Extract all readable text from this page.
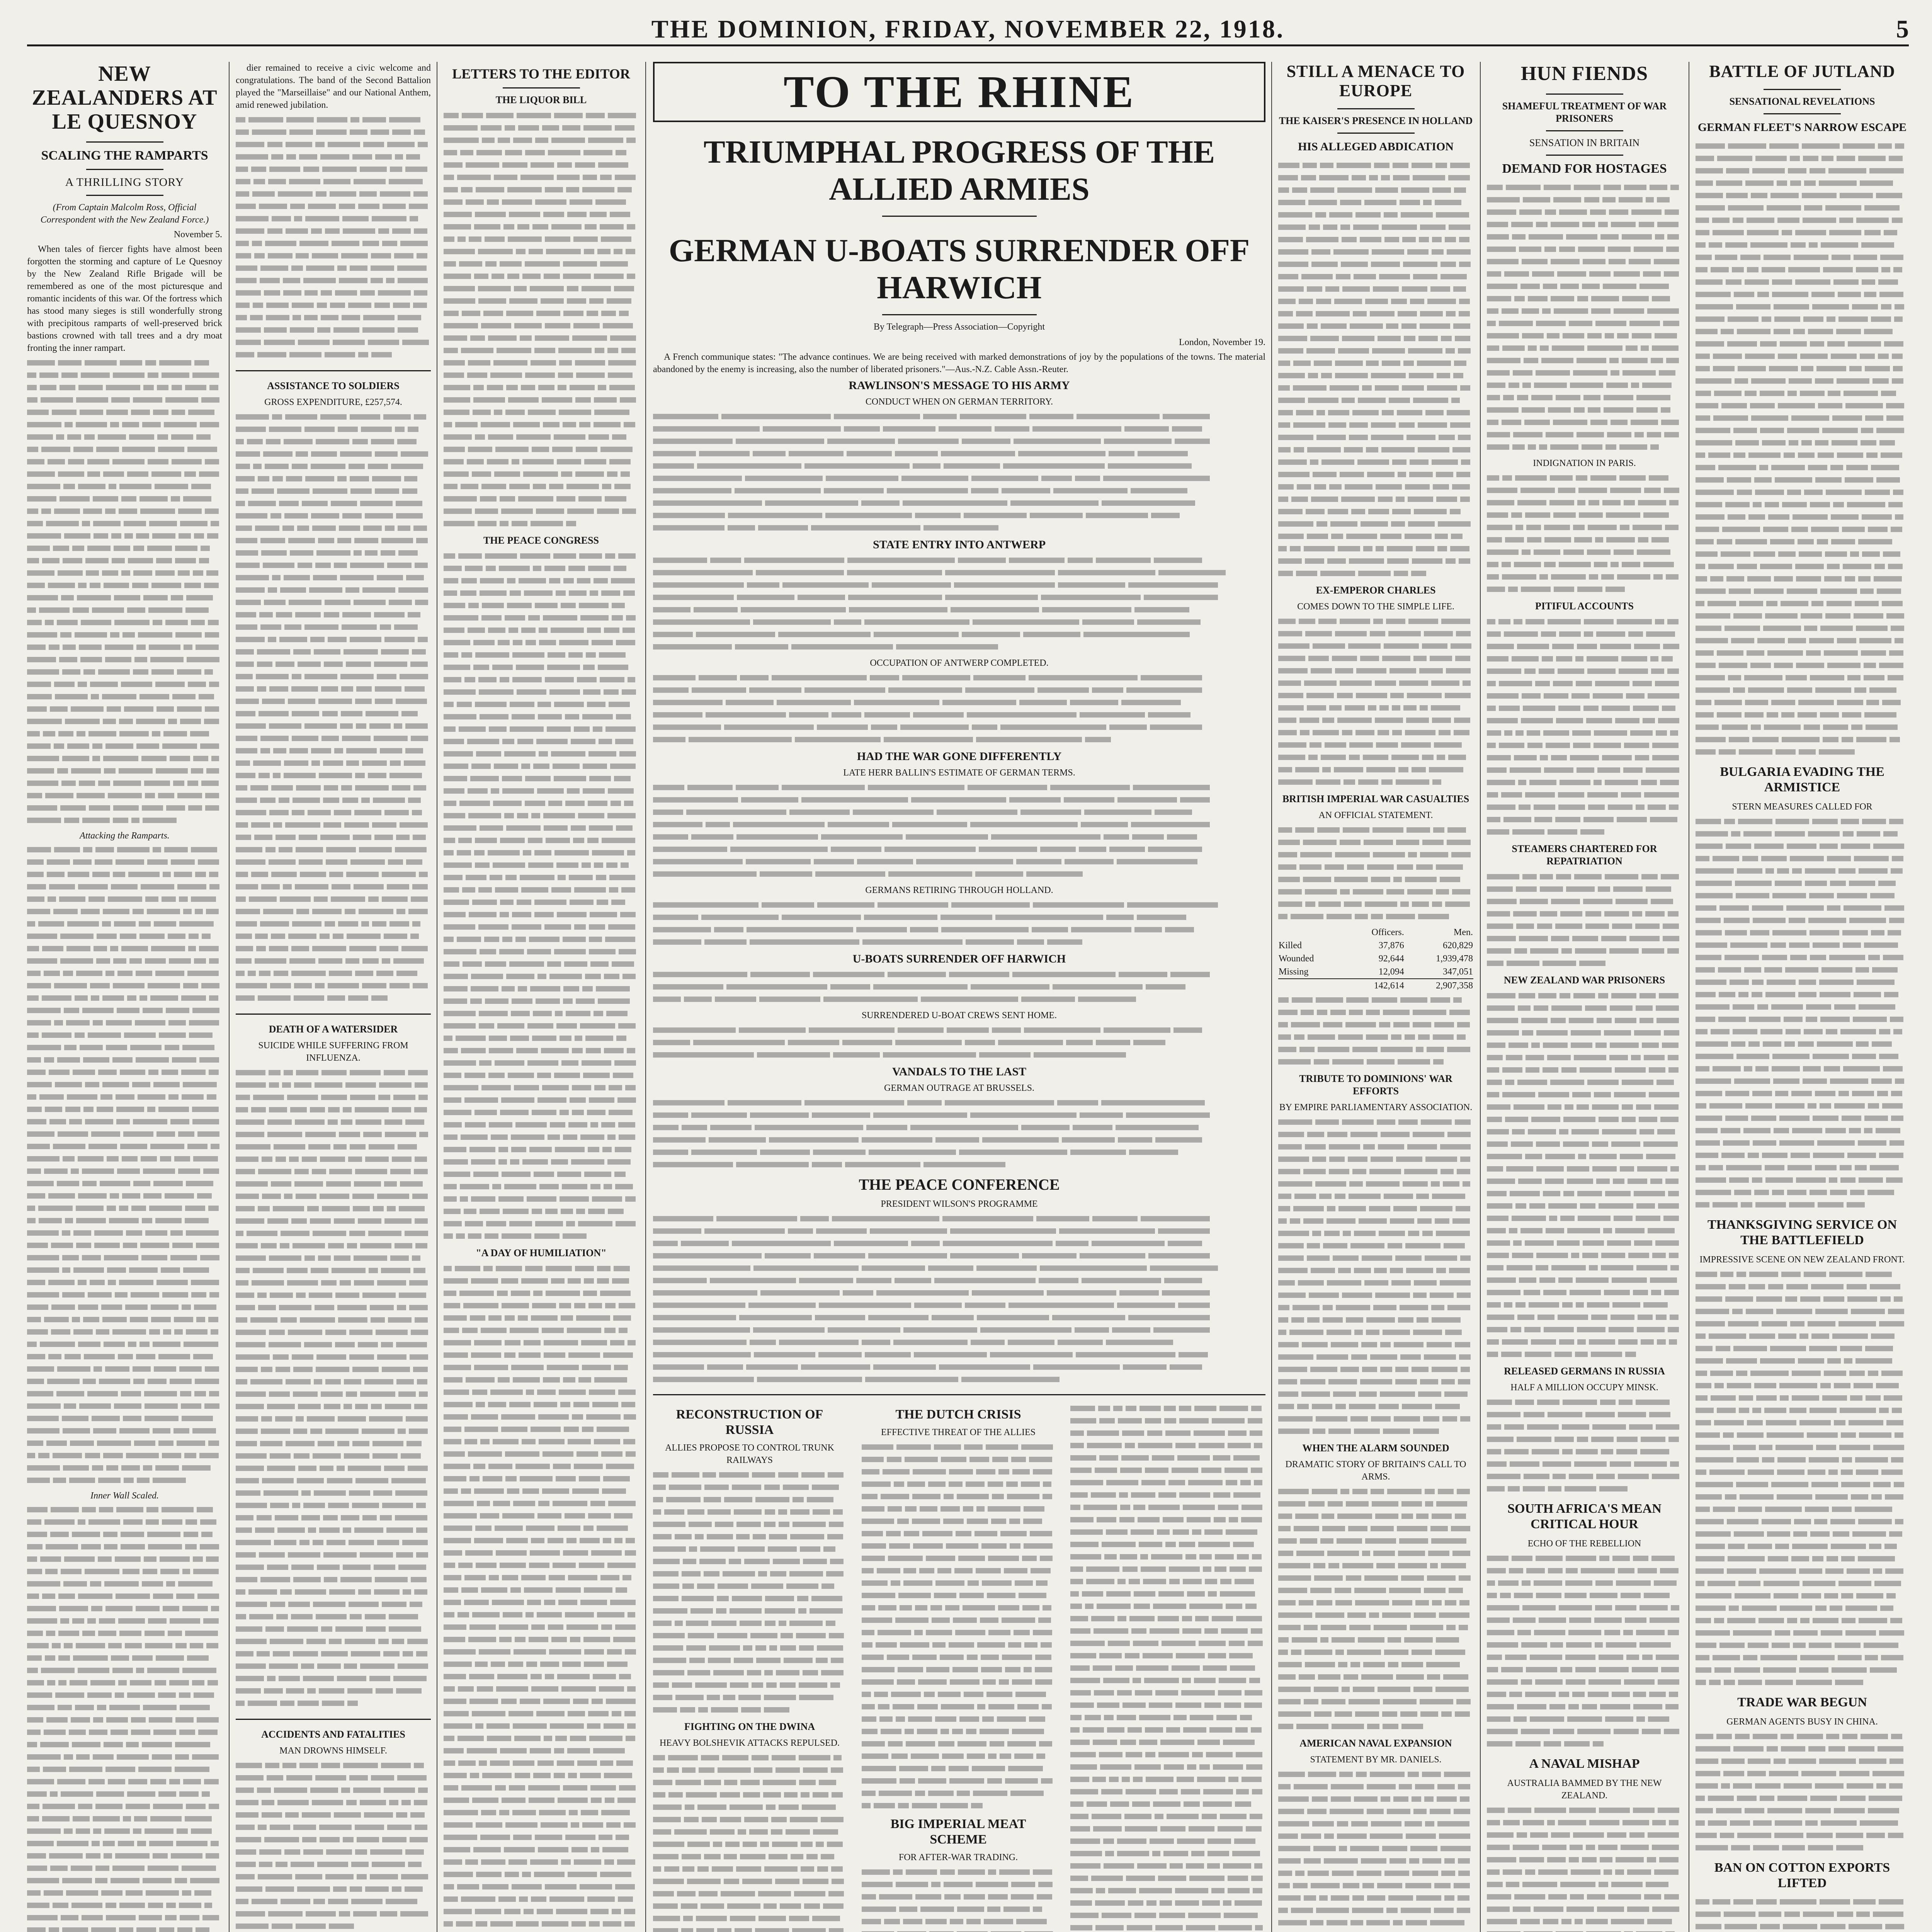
THE DOMINION, FRIDAY, NOVEMBER 22, 1918.	5
NEW ZEALANDERS AT LE QUESNOY
SCALING THE RAMPARTS
A THRILLING STORY

(From Captain Malcolm Ross, Official Correspondent with the New Zealand Force.)

November 5.

When tales of fiercer fights have almost been forgotten the storming and capture of Le Quesnoy by the New Zealand Rifle Brigade will be remembered as one of the most picturesque and romantic incidents of this war. Of the fortress which has stood many sieges is still wonderfully strong with precipitous ramparts of well-preserved brick bastions crowned with tall trees and a dry moat fronting the inner rampart.

Attacking the Ramparts.

Inner Wall Scaled.

dier remained to receive a civic welcome and congratulations. The band of the Second Battalion played the "Marseillaise" and our National Anthem, amid renewed jubilation.

ASSISTANCE TO SOLDIERS

GROSS EXPENDITURE, £257,574.

DEATH OF A WATERSIDER

SUICIDE WHILE SUFFERING FROM INFLUENZA.

ACCIDENTS AND FATALITIES

MAN DROWNS HIMSELF.

LETTERS TO THE EDITOR
THE LIQUOR BILL
THE PEACE CONGRESS
"A DAY OF HUMILIATION"

TO THE RHINE
TRIUMPHAL PROGRESS OF THE ALLIED ARMIES
GERMAN U-BOATS SURRENDER OFF HARWICH

By Telegraph—Press Association—Copyright

London, November 19.

A French communique states: "The advance continues. We are being received with marked demonstrations of joy by the populations of the towns. The material abandoned by the enemy is increasing, also the number of liberated prisoners."—Aus.-N.Z. Cable Assn.-Reuter.

RAWLINSON'S MESSAGE TO HIS ARMY

CONDUCT WHEN ON GERMAN TERRITORY.

STATE ENTRY INTO ANTWERP

OCCUPATION OF ANTWERP COMPLETED.

HAD THE WAR GONE DIFFERENTLY

LATE HERR BALLIN'S ESTIMATE OF GERMAN TERMS.

GERMANS RETIRING THROUGH HOLLAND.

U-BOATS SURRENDER OFF HARWICH

SURRENDERED U-BOAT CREWS SENT HOME.

VANDALS TO THE LAST

GERMAN OUTRAGE AT BRUSSELS.

THE PEACE CONFERENCE

PRESIDENT WILSON'S PROGRAMME

RECONSTRUCTION OF RUSSIA

ALLIES PROPOSE TO CONTROL TRUNK RAILWAYS

FIGHTING ON THE DWINA

HEAVY BOLSHEVIK ATTACKS REPULSED.

THE DUTCH CRISIS

EFFECTIVE THREAT OF THE ALLIES

BIG IMPERIAL MEAT SCHEME

FOR AFTER-WAR TRADING.

STILL A MENACE TO EUROPE
THE KAISER'S PRESENCE IN HOLLAND
HIS ALLEGED ABDICATION
EX-EMPEROR CHARLES

COMES DOWN TO THE SIMPLE LIFE.

BRITISH IMPERIAL WAR CASUALTIES

AN OFFICIAL STATEMENT.

	Officers.	Men.
Killed	37,876	620,829
Wounded	92,644	1,939,478
Missing	12,094	347,051
	142,614	2,907,358
TRIBUTE TO DOMINIONS' WAR EFFORTS

BY EMPIRE PARLIAMENTARY ASSOCIATION.

WHEN THE ALARM SOUNDED

DRAMATIC STORY OF BRITAIN'S CALL TO ARMS.

AMERICAN NAVAL EXPANSION

STATEMENT BY MR. DANIELS.

HUN FIENDS
SHAMEFUL TREATMENT OF WAR PRISONERS
SENSATION IN BRITAIN
DEMAND FOR HOSTAGES

INDIGNATION IN PARIS.

PITIFUL ACCOUNTS
STEAMERS CHARTERED FOR REPATRIATION
NEW ZEALAND WAR PRISONERS
RELEASED GERMANS IN RUSSIA

HALF A MILLION OCCUPY MINSK.

SOUTH AFRICA'S MEAN CRITICAL HOUR

ECHO OF THE REBELLION

A NAVAL MISHAP

AUSTRALIA BAMMED BY THE NEW ZEALAND.

BATTLE OF JUTLAND
SENSATIONAL REVELATIONS
GERMAN FLEET'S NARROW ESCAPE
BULGARIA EVADING THE ARMISTICE

STERN MEASURES CALLED FOR

THANKSGIVING SERVICE ON THE BATTLEFIELD

IMPRESSIVE SCENE ON NEW ZEALAND FRONT.

TRADE WAR BEGUN

GERMAN AGENTS BUSY IN CHINA.

BAN ON COTTON EXPORTS LIFTED
